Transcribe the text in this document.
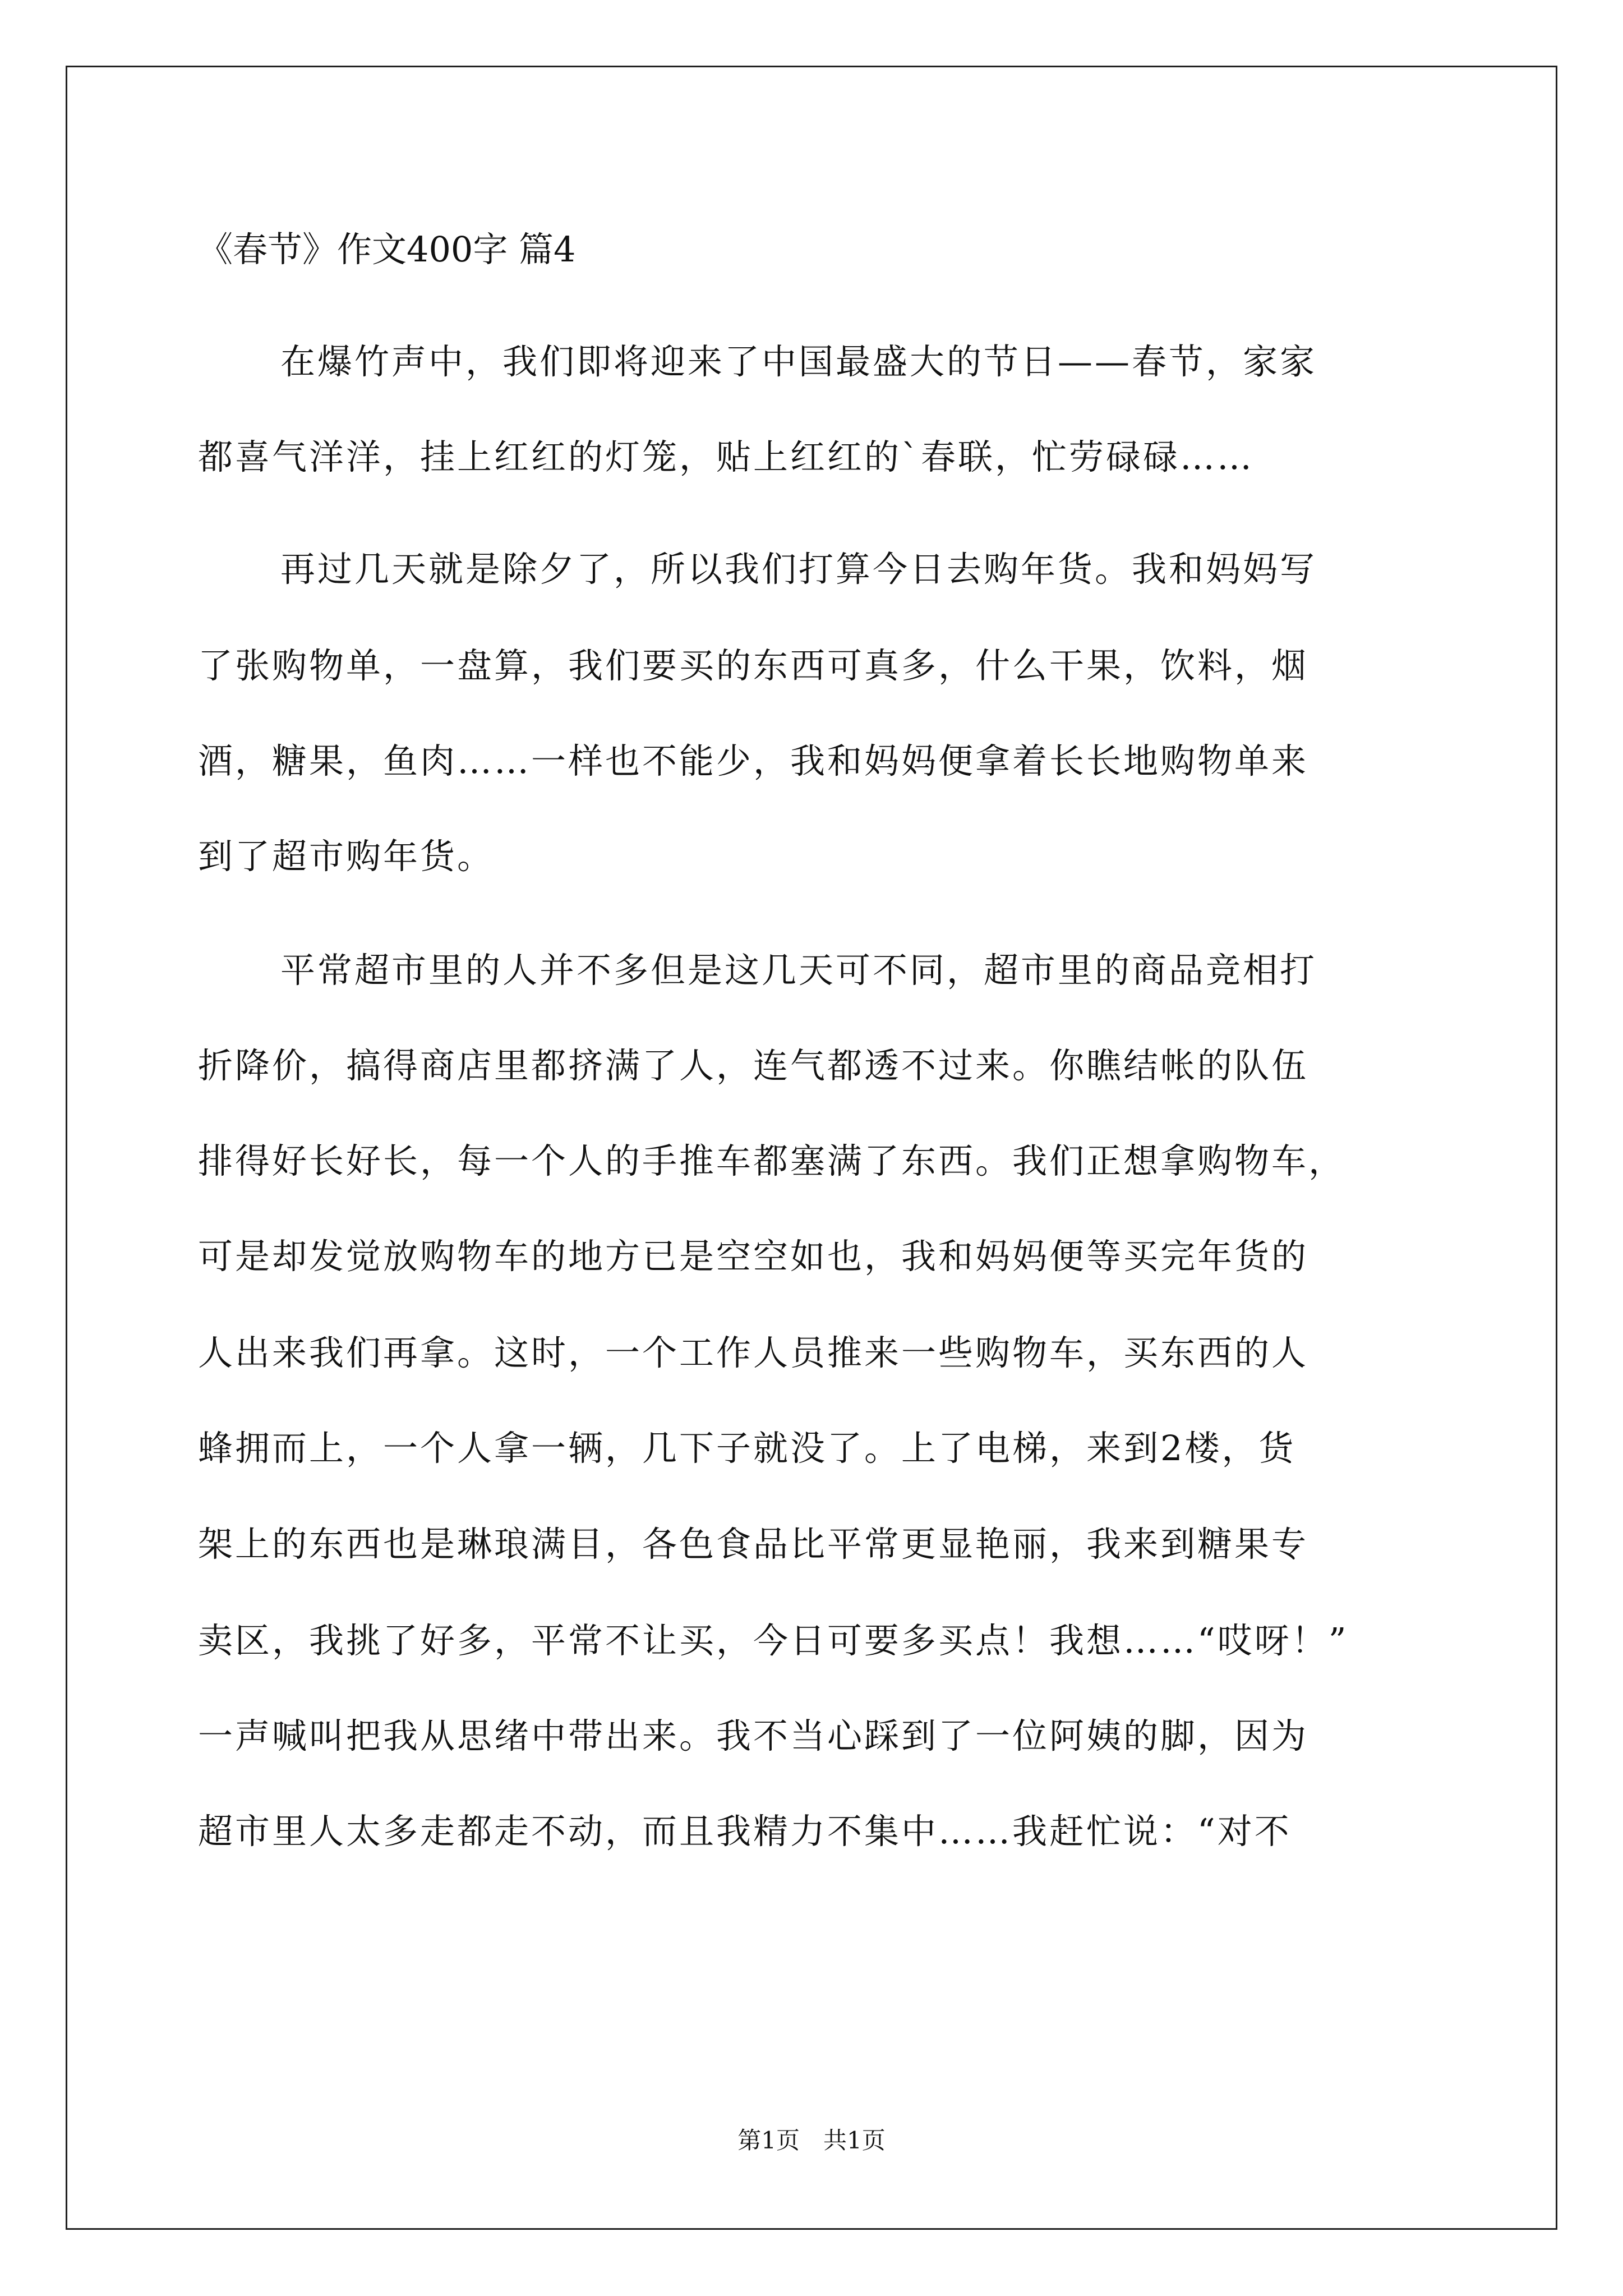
《春节》作文400字 篇4
在爆竹声中，我们即将迎来了中国最盛大的节日——春节，家家
都喜气洋洋，挂上红红的灯笼，贴上红红的`春联，忙劳碌碌……
再过几天就是除夕了，所以我们打算今日去购年货。我和妈妈写
了张购物单，一盘算，我们要买的东西可真多，什么干果，饮料，烟
酒，糖果，鱼肉……一样也不能少，我和妈妈便拿着长长地购物单来
到了超市购年货。
平常超市里的人并不多但是这几天可不同，超市里的商品竞相打
折降价，搞得商店里都挤满了人，连气都透不过来。你瞧结帐的队伍
排得好长好长，每一个人的手推车都塞满了东西。我们正想拿购物车，
可是却发觉放购物车的地方已是空空如也，我和妈妈便等买完年货的
人出来我们再拿。这时，一个工作人员推来一些购物车，买东西的人
蜂拥而上，一个人拿一辆，几下子就没了。上了电梯，来到2楼，货
架上的东西也是琳琅满目，各色食品比平常更显艳丽，我来到糖果专
卖区，我挑了好多，平常不让买，今日可要多买点！我想……“哎呀！”
一声喊叫把我从思绪中带出来。我不当心踩到了一位阿姨的脚，因为
超市里人太多走都走不动，而且我精力不集中……我赶忙说：“对不
第1页　共1页
